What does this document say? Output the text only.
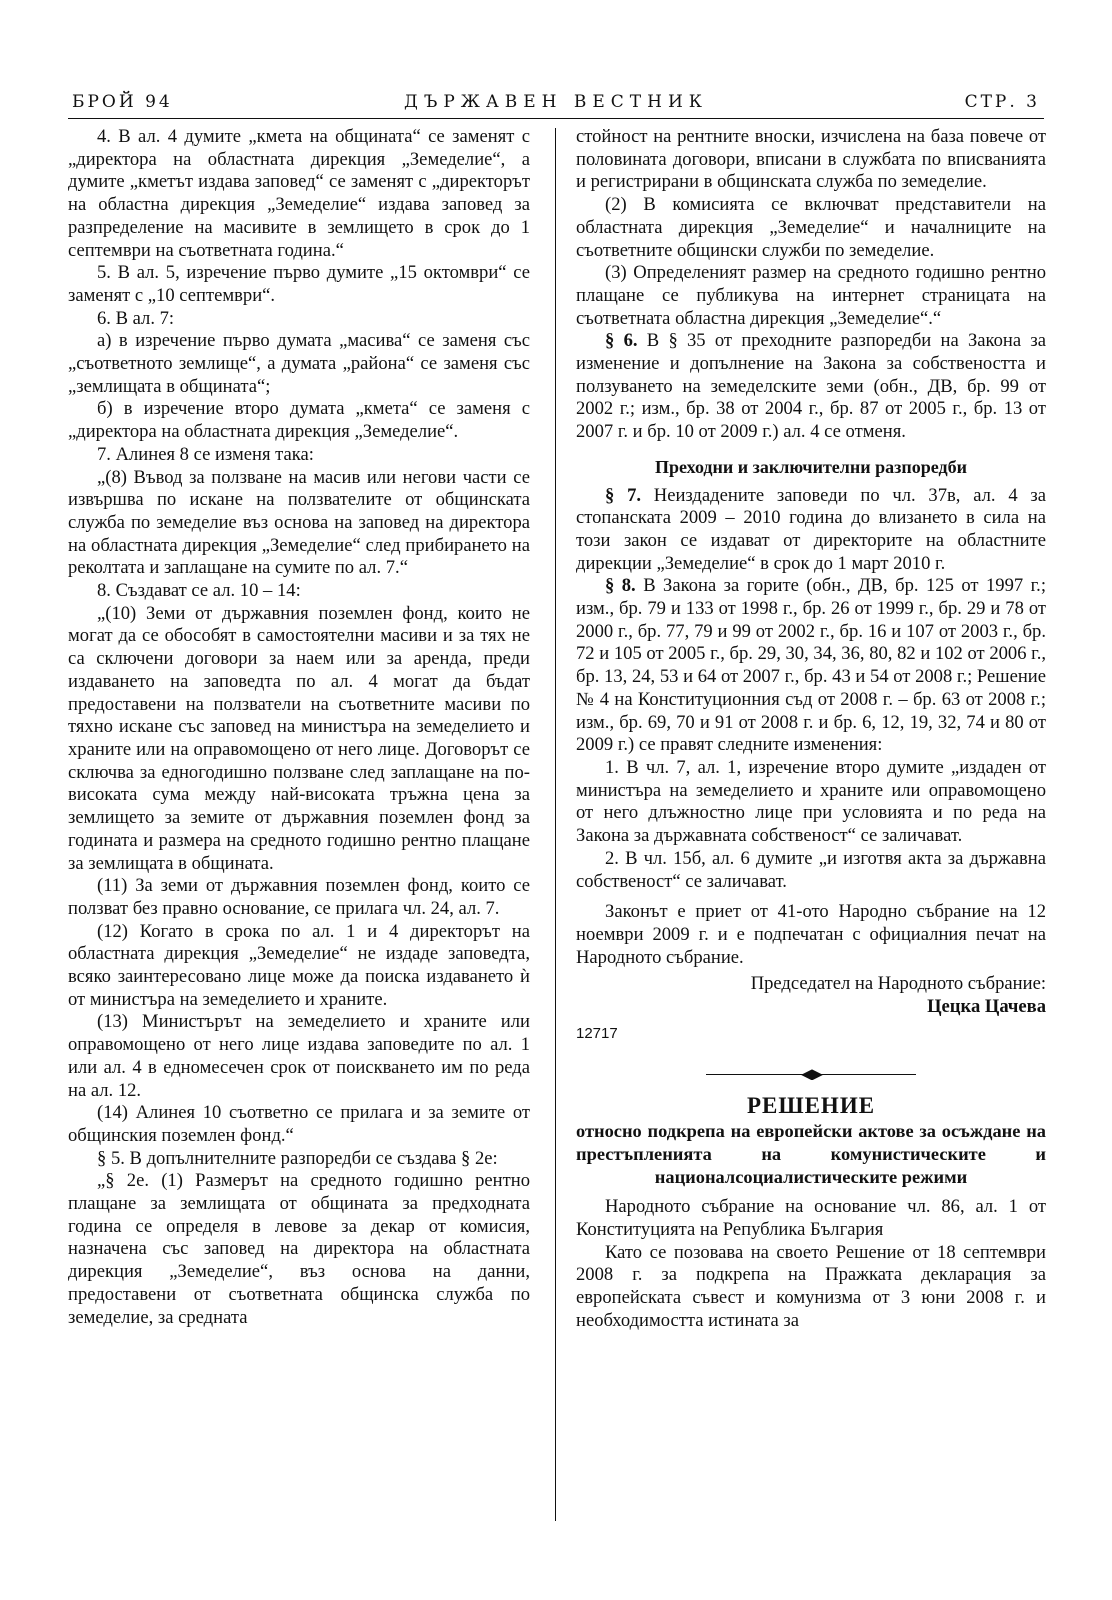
БРОЙ 94	ДЪРЖАВЕН ВЕСТНИК	СТР. 3

4. В ал. 4 думите „кмета на общината“ се заменят с „директора на областната дирекция „Земеделие“, а думите „кметът издава заповед“ се заменят с „директорът на областна дирекция „Земеделие“ издава заповед за разпределение на масивите в землището в срок до 1 септември на съответната година.“

5. В ал. 5, изречение първо думите „15 октомври“ се заменят с „10 септември“.

6. В ал. 7:

а) в изречение първо думата „масива“ се заменя със „съответното землище“, а думата „района“ се заменя със „землищата в общината“;

б) в изречение второ думата „кмета“ се заменя с „директора на областната дирекция „Земеделие“.

7. Алинея 8 се изменя така:

„(8) Въвод за ползване на масив или негови части се извършва по искане на ползвателите от общинската служба по земеделие въз основа на заповед на директора на областната дирекция „Земеделие“ след прибирането на реколтата и заплащане на сумите по ал. 7.“

8. Създават се ал. 10 – 14:

„(10) Земи от държавния поземлен фонд, които не могат да се обособят в самостоятелни масиви и за тях не са сключени договори за наем или за аренда, преди издаването на заповедта по ал. 4 могат да бъдат предоставени на ползватели на съответните масиви по тяхно искане със заповед на министъра на земеделието и храните или на оправомощено от него лице. Договорът се сключва за едногодишно ползване след заплащане на по-високата сума между най-високата тръжна цена за землището за земите от държавния поземлен фонд за годината и размера на средното годишно рентно плащане за землищата в общината.

(11) За земи от държавния поземлен фонд, които се ползват без правно основание, се прилага чл. 24, ал. 7.

(12) Когато в срока по ал. 1 и 4 директорът на областната дирекция „Земеделие“ не издаде заповедта, всяко заинтересовано лице може да поиска издаването ѝ от министъра на земеделието и храните.

(13) Министърът на земеделието и храните или оправомощено от него лице издава заповедите по ал. 1 или ал. 4 в едномесечен срок от поискването им по реда на ал. 12.

(14) Алинея 10 съответно се прилага и за земите от общинския поземлен фонд.“

§ 5. В допълнителните разпоредби се създава § 2е:

„§ 2е. (1) Размерът на средното годишно рентно плащане за землищата от общината за предходната година се определя в левове за декар от комисия, назначена със заповед на директора на областната дирекция „Земеделие“, въз основа на данни, предоставени от съответната общинска служба по земеделие, за средната

стойност на рентните вноски, изчислена на база повече от половината договори, вписани в службата по вписванията и регистрирани в общинската служба по земеделие.

(2) В комисията се включват представители на областната дирекция „Земеделие“ и началниците на съответните общински служби по земеделие.

(3) Определеният размер на средното годишно рентно плащане се публикува на интернет страницата на съответната областна дирекция „Земеделие“.“

§ 6. В § 35 от преходните разпоредби на Закона за изменение и допълнение на Закона за собствеността и ползуването на земеделските земи (обн., ДВ, бр. 99 от 2002 г.; изм., бр. 38 от 2004 г., бр. 87 от 2005 г., бр. 13 от 2007 г. и бр. 10 от 2009 г.) ал. 4 се отменя.

Преходни и заключителни разпоредби

§ 7. Неиздадените заповеди по чл. 37в, ал. 4 за стопанската 2009 – 2010 година до влизането в сила на този закон се издават от директорите на областните дирекции „Земеделие“ в срок до 1 март 2010 г.

§ 8. В Закона за горите (обн., ДВ, бр. 125 от 1997 г.; изм., бр. 79 и 133 от 1998 г., бр. 26 от 1999 г., бр. 29 и 78 от 2000 г., бр. 77, 79 и 99 от 2002 г., бр. 16 и 107 от 2003 г., бр. 72 и 105 от 2005 г., бр. 29, 30, 34, 36, 80, 82 и 102 от 2006 г., бр. 13, 24, 53 и 64 от 2007 г., бр. 43 и 54 от 2008 г.; Решение № 4 на Конституционния съд от 2008 г. – бр. 63 от 2008 г.; изм., бр. 69, 70 и 91 от 2008 г. и бр. 6, 12, 19, 32, 74 и 80 от 2009 г.) се правят следните изменения:

1. В чл. 7, ал. 1, изречение второ думите „издаден от министъра на земеделието и храните или оправомощено от него длъжностно лице при условията и по реда на Закона за държавната собственост“ се заличават.

2. В чл. 15б, ал. 6 думите „и изготвя акта за държавна собственост“ се заличават.

Законът е приет от 41-ото Народно събрание на 12 ноември 2009 г. и е подпечатан с официалния печат на Народното събрание.

Председател на Народното събрание:
Цецка Цачева
12717
РЕШЕНИЕ
относно подкрепа на европейски актове за осъждане на престъпленията на комунистическите и националсоциалистическите режими

Народното събрание на основание чл. 86, ал. 1 от Конституцията на Република България

Като се позовава на своето Решение от 18 септември 2008 г. за подкрепа на Пражката декларация за европейската съвест и комунизма от 3 юни 2008 г. и необходимостта истината за
